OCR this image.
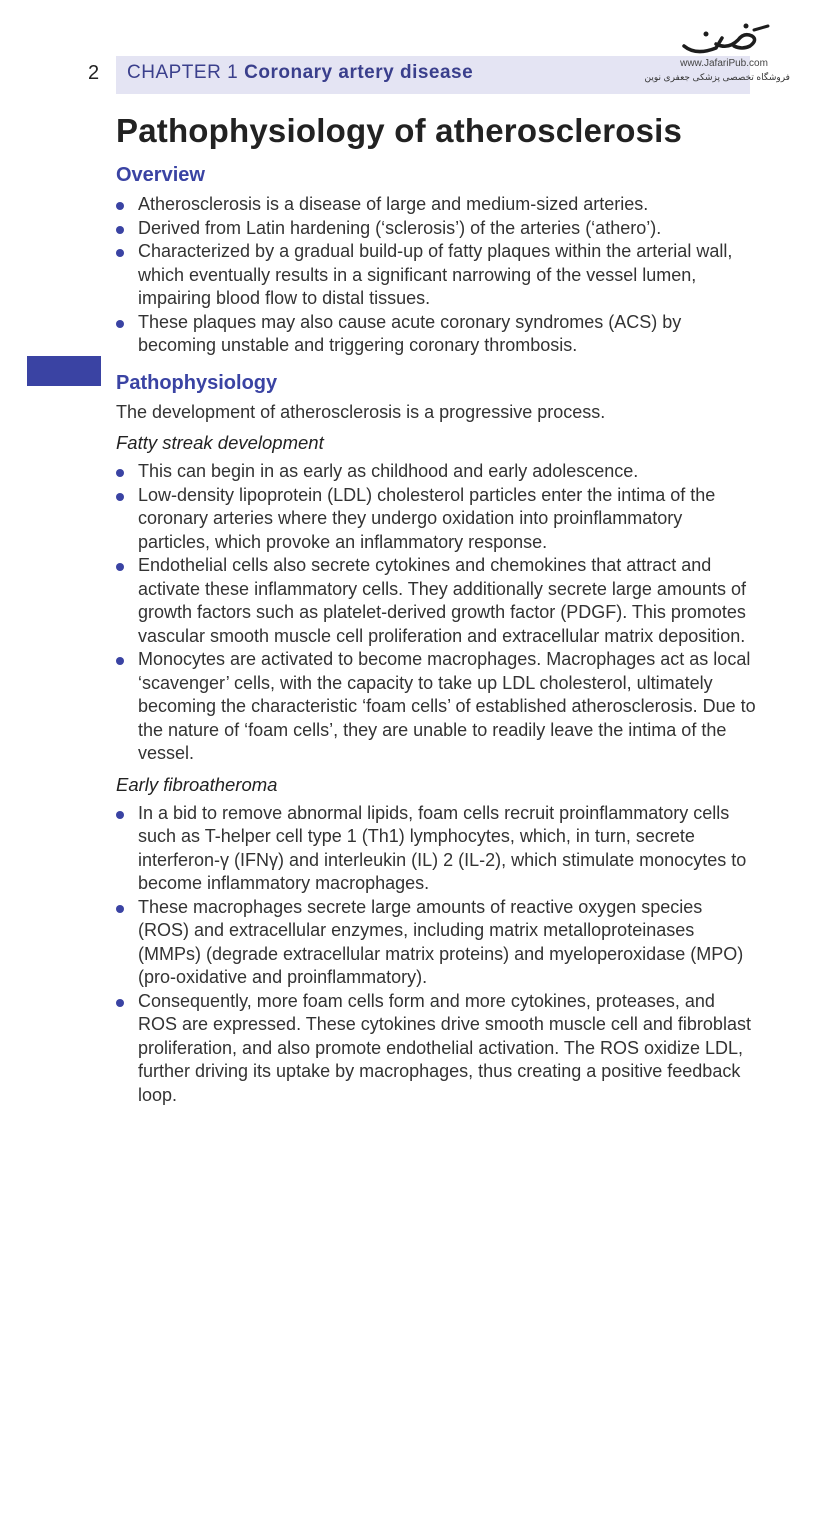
2 CHAPTER 1 Coronary artery disease	www.JafariPub.com
فروشگاه تخصصی پزشکی جعفری نوین
Pathophysiology of atherosclerosis
Overview
Atherosclerosis is a disease of large and medium-sized arteries.
Derived from Latin hardening (‘sclerosis’) of the arteries (‘athero’).
Characterized by a gradual build-up of fatty plaques within the arterial wall, which eventually results in a significant narrowing of the vessel lumen, impairing blood flow to distal tissues.
These plaques may also cause acute coronary syndromes (ACS) by becoming unstable and triggering coronary thrombosis.
Pathophysiology

The development of atherosclerosis is a progressive process.

Fatty streak development
This can begin in as early as childhood and early adolescence.
Low-density lipoprotein (LDL) cholesterol particles enter the intima of the coronary arteries where they undergo oxidation into proinflammatory particles, which provoke an inflammatory response.
Endothelial cells also secrete cytokines and chemokines that attract and activate these inflammatory cells. They additionally secrete large amounts of growth factors such as platelet-derived growth factor (PDGF). This promotes vascular smooth muscle cell proliferation and extracellular matrix deposition.
Monocytes are activated to become macrophages. Macrophages act as local ‘scavenger’ cells, with the capacity to take up LDL cholesterol, ultimately becoming the characteristic ‘foam cells’ of established atherosclerosis. Due to the nature of ‘foam cells’, they are unable to readily leave the intima of the vessel.
Early fibroatheroma
In a bid to remove abnormal lipids, foam cells recruit proinflammatory cells such as T-helper cell type 1 (Th1) lymphocytes, which, in turn, secrete interferon-γ (IFNγ) and interleukin (IL) 2 (IL-2), which stimulate monocytes to become inflammatory macrophages.
These macrophages secrete large amounts of reactive oxygen species (ROS) and extracellular enzymes, including matrix metalloproteinases (MMPs) (degrade extracellular matrix proteins) and myeloperoxidase (MPO) (pro-oxidative and proinflammatory).
Consequently, more foam cells form and more cytokines, proteases, and ROS are expressed. These cytokines drive smooth muscle cell and fibroblast proliferation, and also promote endothelial activation. The ROS oxidize LDL, further driving its uptake by macrophages, thus creating a positive feedback loop.
